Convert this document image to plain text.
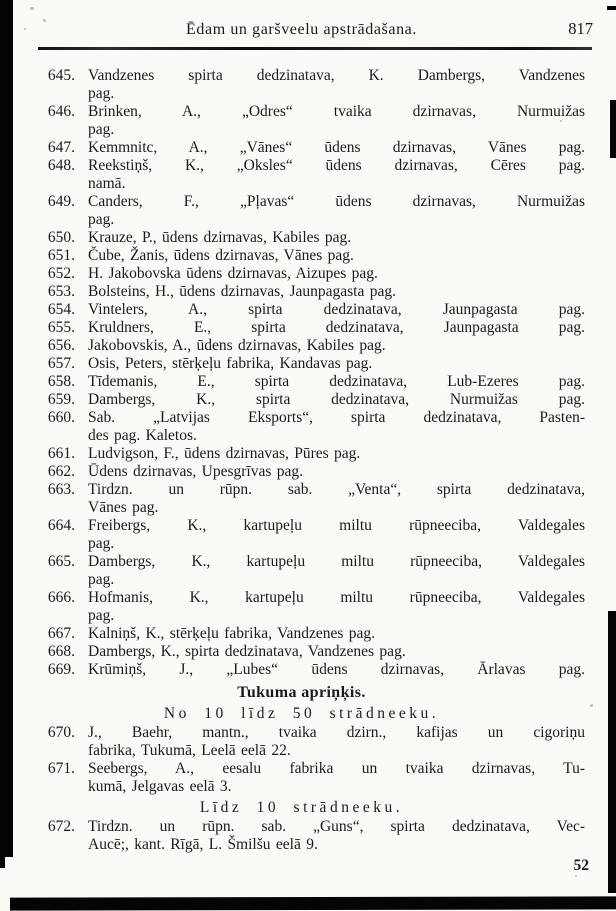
Ēdam un garšveelu apstrādašana.	817
645. Vandzenes spirta dedzinatava, K. Dambergs, Vandzenes
pag.
646. Brinken, A., „Odres“ tvaika dzirnavas, Nurmuižas
pag.
647. Kemmnitc, A., „Vānes“ ūdens dzirnavas, Vānes pag.
648. Reekstiņš, K., „Oksles“ ūdens dzirnavas, Cēres pag.
namā.
649. Canders, F., „Pļavas“ ūdens dzirnavas, Nurmuižas
pag.
650. Krauze, P., ūdens dzirnavas, Kabiles pag.
651. Čube, Žanis, ūdens dzirnavas, Vānes pag.
652. H. Jakobovska ūdens dzirnavas, Aizupes pag.
653. Bolsteins, H., ūdens dzirnavas, Jaunpagasta pag.
654. Vintelers, A., spirta dedzinatava, Jaunpagasta pag.
655. Kruldners, E., spirta dedzinatava, Jaunpagasta pag.
656. Jakobovskis, A., ūdens dzirnavas, Kabiles pag.
657. Osis, Peters, stērķeļu fabrika, Kandavas pag.
658. Tīdemanis, E., spirta dedzinatava, Lub-Ezeres pag.
659. Dambergs, K., spirta dedzinatava, Nurmuižas pag.
660. Sab. „Latvijas Eksports“, spirta dedzinatava, Pasten-
des pag. Kaletos.
661. Ludvigson, F., ūdens dzirnavas, Pūres pag.
662. Ūdens dzirnavas, Upesgrīvas pag.
663. Tirdzn. un rūpn. sab. „Venta“, spirta dedzinatava,
Vānes pag.
664. Freibergs, K., kartupeļu miltu rūpneeciba, Valdegales
pag.
665. Dambergs, K., kartupeļu miltu rūpneeciba, Valdegales
pag.
666. Hofmanis, K., kartupeļu miltu rūpneeciba, Valdegales
pag.
667. Kalniņš, K., stērķeļu fabrika, Vandzenes pag.
668. Dambergs, K., spirta dedzinatava, Vandzenes pag.
669. Krūmiņš, J., „Lubes“ ūdens dzirnavas, Ārlavas pag.
Tukuma apriņķis.
No 10 līdz 50 strādneeku.
670. J., Baehr, mantn., tvaika dzirn., kafijas un cigoriņu
fabrika, Tukumā, Leelā eelā 22.
671. Seebergs, A., eesalu fabrika un tvaika dzirnavas, Tu-
kumā, Jelgavas eelā 3.
Līdz 10 strādneeku.
672. Tirdzn. un rūpn. sab. „Guns“, spirta dedzinatava, Vec-
Aucē;, kant. Rīgā, L. Šmilšu eelā 9.
52
